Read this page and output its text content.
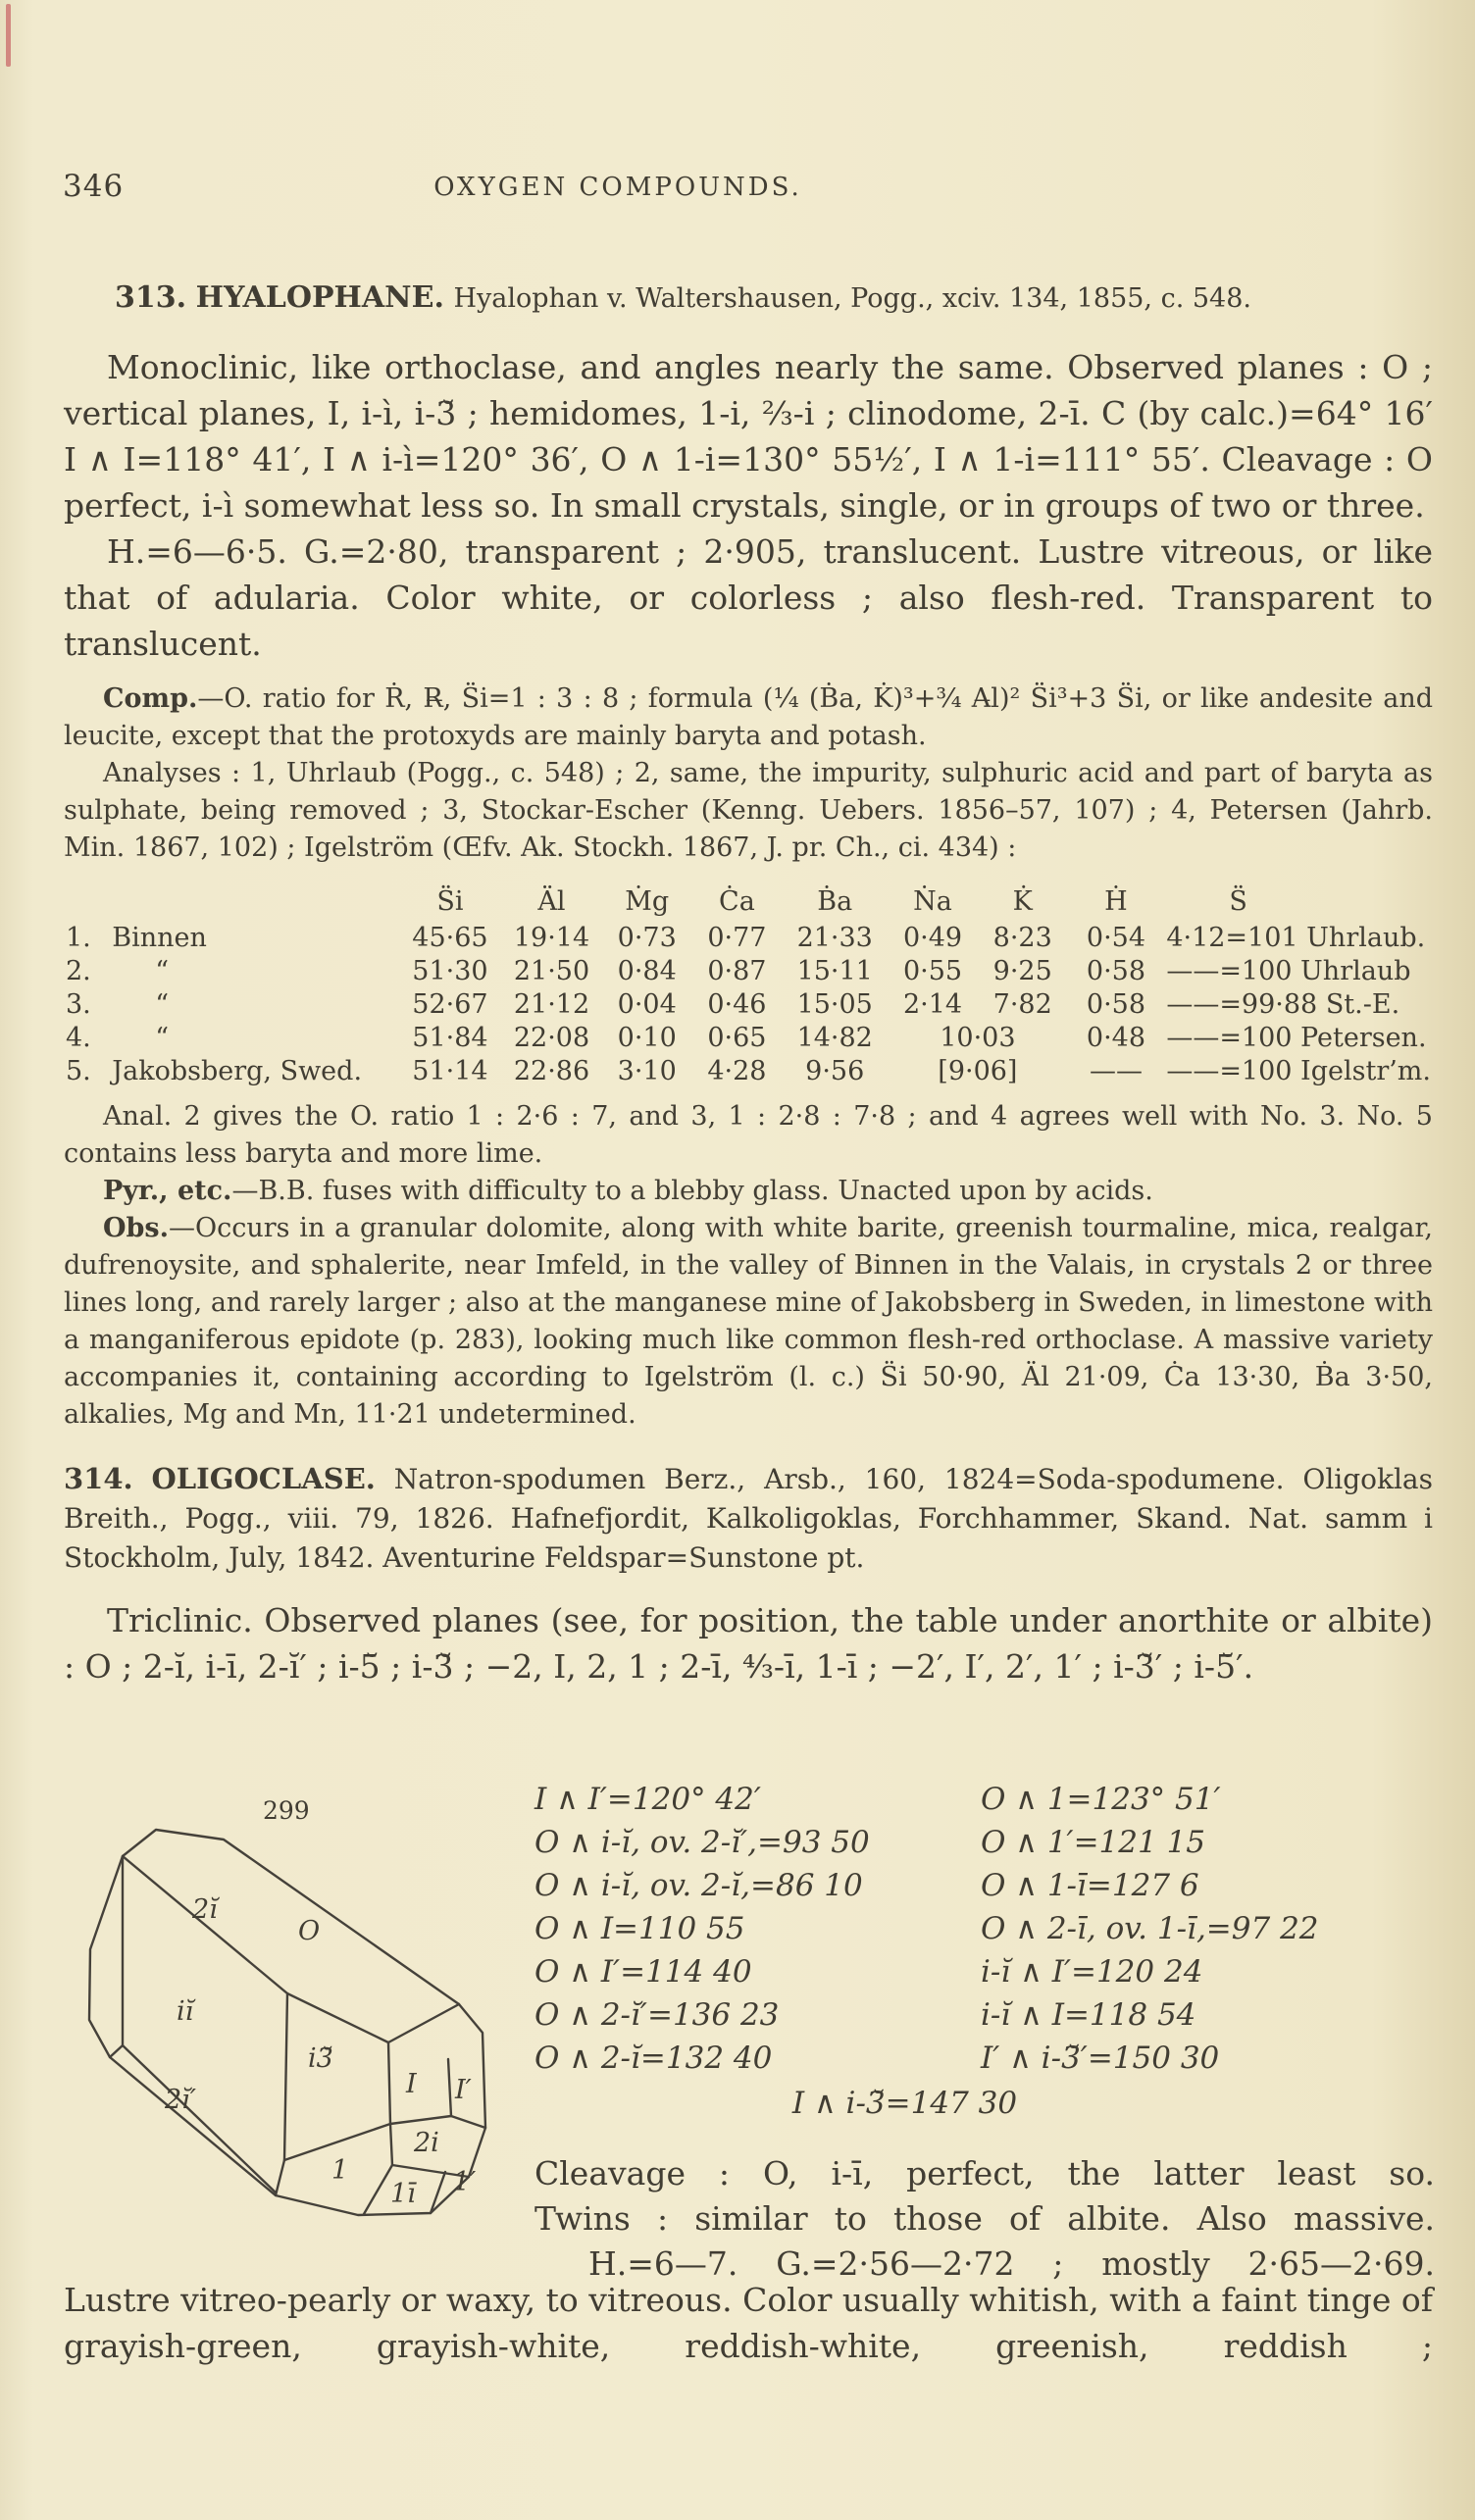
346	OXYGEN COMPOUNDS.

313. HYALOPHANE. Hyalophan v. Waltershausen, Pogg., xciv. 134, 1855, c. 548.

Monoclinic, like orthoclase, and angles nearly the same. Observed planes : O ; vertical planes, I, i-ì, i-3̆ ; hemidomes, 1-i, ⅔-i ; clinodome, 2-ī. C (by calc.)=64° 16′ I ∧ I=118° 41′, I ∧ i-ì=120° 36′, O ∧ 1-i=130° 55½′, I ∧ 1-i=111° 55′. Cleavage : O perfect, i-ì somewhat less so. In small crystals, single, or in groups of two or three.

H.=6—6·5. G.=2·80, transparent ; 2·905, translucent. Lustre vitreous, or like that of adularia. Color white, or colorless ; also flesh-red. Transparent to translucent.

Comp.—O. ratio for Ṙ, R̶, S̈i=1 : 3 : 8 ; formula (¼ (Ḃa, K̇)³+¾ A̶l)² S̈i³+3 S̈i, or like andesite and leucite, except that the protoxyds are mainly baryta and potash.

Analyses : 1, Uhrlaub (Pogg., c. 548) ; 2, same, the impurity, sulphuric acid and part of baryta as sulphate, being removed ; 3, Stockar-Escher (Kenng. Uebers. 1856–57, 107) ; 4, Petersen (Jahrb. Min. 1867, 102) ; Igelström (Œfv. Ak. Stockh. 1867, J. pr. Ch., ci. 434) :

		S̈i	Äl	Ṁg	Ċa	Ḃa	Ṅa	K̇	Ḣ	S̈
1.	Binnen	45·65	19·14	0·73	0·77	21·33	0·49	8·23	0·54	4·12=101 Uhrlaub.
2.	“	51·30	21·50	0·84	0·87	15·11	0·55	9·25	0·58	——=100 Uhrlaub
3.	“	52·67	21·12	0·04	0·46	15·05	2·14	7·82	0·58	——=99·88 St.-E.
4.	“	51·84	22·08	0·10	0·65	14·82	10·03		0·48	——=100 Petersen.
5.	Jakobsberg, Swed.	51·14	22·86	3·10	4·28	9·56	[9·06]		——	——=100 Igelstr’m.

Anal. 2 gives the O. ratio 1 : 2·6 : 7, and 3, 1 : 2·8 : 7·8 ; and 4 agrees well with No. 3. No. 5 contains less baryta and more lime.

Pyr., etc.—B.B. fuses with difficulty to a blebby glass. Unacted upon by acids.

Obs.—Occurs in a granular dolomite, along with white barite, greenish tourmaline, mica, realgar, dufrenoysite, and sphalerite, near Imfeld, in the valley of Binnen in the Valais, in crystals 2 or three lines long, and rarely larger ; also at the manganese mine of Jakobsberg in Sweden, in limestone with a manganiferous epidote (p. 283), looking much like common flesh-red orthoclase. A massive variety accompanies it, containing according to Igelström (l. c.) S̈i 50·90, Äl 21·09, Ċa 13·30, Ḃa 3·50, alkalies, Mg and Mn, 11·21 undetermined.

314. OLIGOCLASE. Natron-spodumen Berz., Arsb., 160, 1824=Soda-spodumene. Oligoklas Breith., Pogg., viii. 79, 1826. Hafnefjordit, Kalkoligoklas, Forchhammer, Skand. Nat. samm i Stockholm, July, 1842. Aventurine Feldspar=Sunstone pt.

Triclinic. Observed planes (see, for position, the table under anorthite or albite) : O ; 2-ĭ, i-ī, 2-ĭ′ ; i-5̆ ; i-3̆ ; −2, I, 2, 1 ; 2-ī, ⁴⁄₃-ī, 1-ī ; −2′, I′, 2′, 1′ ; i-3̆′ ; i-5̆′.

299
2ĭ
O
iĭ
2ĭ′
i3̆
I I′
2i
1
1ī 1′
I ∧ I′=120° 42′	O ∧ 1=123° 51′
O ∧ i-ĭ, ov. 2-ĭ′,=93 50	O ∧ 1′=121 15
O ∧ i-ĭ, ov. 2-ĭ,=86 10	O ∧ 1-ī=127 6
O ∧ I=110 55	O ∧ 2-ī, ov. 1-ī,=97 22
O ∧ I′=114 40	i-ĭ ∧ I′=120 24
O ∧ 2-ĭ′=136 23	i-ĭ ∧ I=118 54
O ∧ 2-ĭ=132 40	I′ ∧ i-3̆′=150 30
I ∧ i-3̆=147 30
Cleavage : O, i-ī, perfect, the latter least so.
Twins : similar to those of albite. Also massive.
H.=6—7. G.=2·56—2·72 ; mostly 2·65—2·69.

Lustre vitreo-pearly or waxy, to vitreous. Color usually whitish, with a faint tinge of grayish-green, grayish-white, reddish-white, greenish, reddish ;
